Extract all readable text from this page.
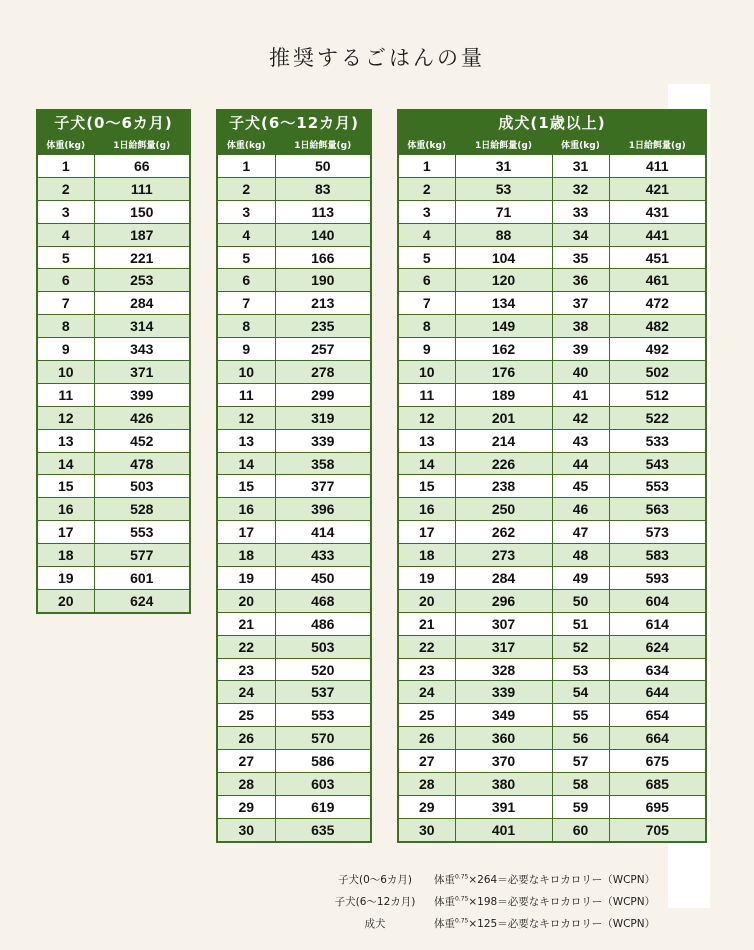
推奨するごはんの量
子犬(0〜6カ月)	
体重(kg)	1日給餌量(g)
1	66
2	111
3	150
4	187
5	221
6	253
7	284
8	314
9	343
10	371
11	399
12	426
13	452
14	478
15	503
16	528
17	553
18	577
19	601
20	624
子犬(6〜12カ月)	
体重(kg)	1日給餌量(g)
1	50
2	83
3	113
4	140
5	166
6	190
7	213
8	235
9	257
10	278
11	299
12	319
13	339
14	358
15	377
16	396
17	414
18	433
19	450
20	468
21	486
22	503
23	520
24	537
25	553
26	570
27	586
28	603
29	619
30	635
成犬(1歳以上)			
体重(kg)	1日給餌量(g)	体重(kg)	1日給餌量(g)
1	31	31	411
2	53	32	421
3	71	33	431
4	88	34	441
5	104	35	451
6	120	36	461
7	134	37	472
8	149	38	482
9	162	39	492
10	176	40	502
11	189	41	512
12	201	42	522
13	214	43	533
14	226	44	543
15	238	45	553
16	250	46	563
17	262	47	573
18	273	48	583
19	284	49	593
20	296	50	604
21	307	51	614
22	317	52	624
23	328	53	634
24	339	54	644
25	349	55	654
26	360	56	664
27	370	57	675
28	380	58	685
29	391	59	695
30	401	60	705
子犬(0〜6カ月)	体重$^{0.75}$×264＝必要なキロカロリー（WCPN）
子犬(6〜12カ月)	体重$^{0.75}$×198＝必要なキロカロリー（WCPN）
成犬	体重$^{0.75}$×125＝必要なキロカロリー（WCPN）
